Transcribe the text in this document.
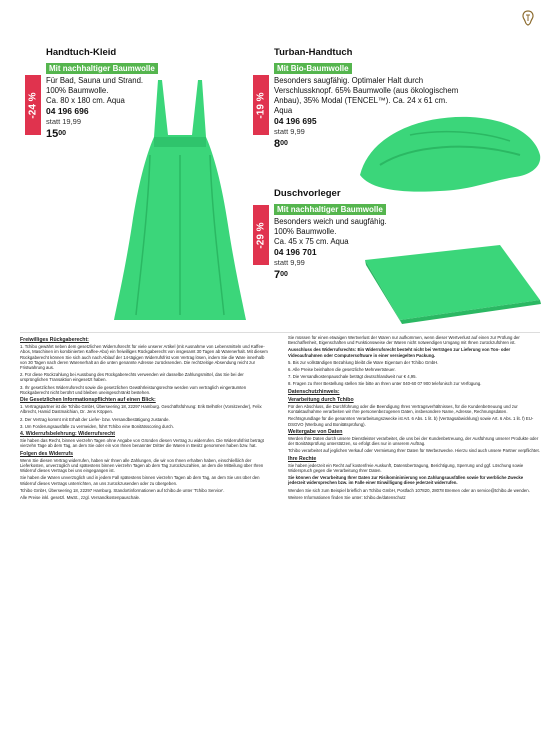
-24 %
Handtuch-Kleid
Mit nachhaltiger Baumwolle
Für Bad, Sauna und Strand.
100% Baumwolle.
Ca. 80 x 180 cm. Aqua
04 196 696
statt 19,99
$15^{00}$
-19 %
Turban-Handtuch
Mit Bio-Baumwolle
Besonders saugfähig. Optimaler Halt durch
Verschlussknopf. 65% Baumwolle (aus ökologischem
Anbau), 35% Modal (TENCEL™). Ca. 24 x 61 cm.
Aqua
04 196 695
statt 9,99
$8^{00}$
-29 %
Duschvorleger
Mit nachhaltiger Baumwolle
Besonders weich und saugfähig.
100% Baumwolle.
Ca. 45 x 75 cm. Aqua
04 196 701
statt 9,99
$7^{00}$
Freiwilliges Rückgaberecht:

1. Tchibo gewährt neben dem gesetzlichen Widerrufsrecht für viele unserer Artikel (mit Ausnahme von Lebensmitteln und Kaffee-Abos, Maschinen im kombinierten Kaffee-Abo) ein freiwilliges Rückgaberecht von insgesamt 30 Tagen ab Warenerhalt. Mit diesem Rückgaberecht können Sie sich auch nach Ablauf der 14-tägigen Widerrufsfrist vom Vertrag lösen, indem Sie die Ware innerhalb von 30 Tagen nach deren Warenerhalt an die unten genannte Adresse zurücksenden. Die rechtzeitige Absendung reicht zur Fristwahrung aus.

2. Für diese Rückzahlung bei Ausübung des Rückgaberechts verwenden wir dasselbe Zahlungsmittel, das Sie bei der ursprünglichen Transaktion eingesetzt haben.

3. Ihr gesetzliches Widerrufsrecht sowie die gesetzlichen Gewährleistungsrechte werden vom vertraglich eingeräumten Rückgaberecht nicht berührt und bleiben uneingeschränkt bestehen.

Die Gesetzlichen Informationspflichten auf einen Blick:

1. Vertragspartner ist die Tchibo GmbH, Überseering 18, 22297 Hamburg. Geschäftsführung: Erik Belhöfer (Vorsitzender), Felix Albrecht, Hamid Dastmalchian, Dr. Jens Köppen.

2. Der Vertrag kommt mit Erhalt der Liefer- bzw. Versandbestätigung zustande.

3. Um Forderungsausfälle zu vermeiden, führt Tchibo eine Bonitätsscoring durch.

4. Widerrufsbelehrung: Widerrufsrecht

Sie haben das Recht, binnen vierzehn Tagen ohne Angabe von Gründen diesen Vertrag zu widerrufen. Die Widerrufsfrist beträgt vierzehn Tage ab dem Tag, an dem Sie oder ein von Ihnen benannter Dritter die Waren in Besitz genommen haben bzw. hat.

Folgen des Widerrufs

Wenn Sie diesen Vertrag widerrufen, haben wir Ihnen alle Zahlungen, die wir von Ihnen erhalten haben, einschließlich der Lieferkosten, unverzüglich und spätestens binnen vierzehn Tagen ab dem Tag zurückzuzahlen, an dem die Mitteilung über Ihren Widerruf dieses Vertrags bei uns eingegangen ist.

Sie haben die Waren unverzüglich und in jedem Fall spätestens binnen vierzehn Tagen ab dem Tag, an dem Sie uns über den Widerruf dieses Vertrags unterrichten, an uns zurückzusenden oder zu übergeben.

Tchibo GmbH, Überseering 18, 22297 Hamburg. Standortinformationen auf tchibo.de unter 'Tchibo Service'.

Alle Preise inkl. gesetzl. MwSt., zzgl. Versandkostenpauschale.

Sie müssen für einen etwaigen Wertverlust der Waren nur aufkommen, wenn dieser Wertverlust auf einen zur Prüfung der Beschaffenheit, Eigenschaften und Funktionsweise der Waren nicht notwendigen Umgang mit Ihnen zurückzuführen ist.

Ausschluss des Widerrufsrechts: Ein Widerrufsrecht besteht nicht bei Verträgen zur Lieferung von Ton- oder Videoaufnahmen oder Computersoftware in einer versiegelten Packung.

5. Bis zur vollständigen Bezahlung bleibt die Ware Eigentum der Tchibo GmbH.

6. Alle Preise beinhalten die gesetzliche Mehrwertsteuer.

7. Die Versandkostenpauschale beträgt deutschlandweit nur € 4,95.

8. Fragen zu Ihrer Bestellung stellen Sie bitte an Ihren unter 040-60 07 900 telefonisch zur Verfügung.

Datenschutzhinweis:
Verarbeitung durch Tchibo

Für den Abschluss, die Durchführung oder die Beendigung Ihres Vertragsverhältnisses, für die Kundenbetreuung und zur Kontaktaufnahme verarbeiten wir Ihre personenbezogenen Daten, insbesondere Name, Adresse, Rechnungsdaten.

Rechtsgrundlage für die genannten Verarbeitungszwecke ist Art. 6 Abs. 1 lit. b) (Vertragsabwicklung) sowie Art. 6 Abs. 1 lit. f) EU-DSGVO (Werbung und Bonitätsprüfung).

Weitergabe von Daten

Werden Ihre Daten durch unsere Dienstleister verarbeitet, die uns bei der Kundenbetreuung, der Ausführung unserer Produkte oder der Bonitätsprüfung unterstützen, so erfolgt dies nur in unserem Auftrag.

Tchibo verarbeitet auf jeglichen Verkauf oder Vermietung Ihrer Daten für Werbezwecke. Hierzu sind auch unsere Partner verpflichtet.

Ihre Rechte

Sie haben jederzeit ein Recht auf kostenfreie Auskunft, Datenübertragung, Berichtigung, Sperrung und ggf. Löschung sowie Widerspruch gegen die Verarbeitung Ihrer Daten.

Sie können der Verarbeitung Ihrer Daten zur Risikominimierung von Zahlungsausfällen sowie für werbliche Zwecke jederzeit widersprechen bzw. im Falle einer Einwilligung diese jederzeit widerrufen.

Wenden Sie sich zum Beispiel brieflich an Tchibo GmbH, Postfach 107820, 28078 Bremen oder an service@tchibo.de wenden.

Weitere Informationen finden Sie unter: tchibo.de/datenschutz
